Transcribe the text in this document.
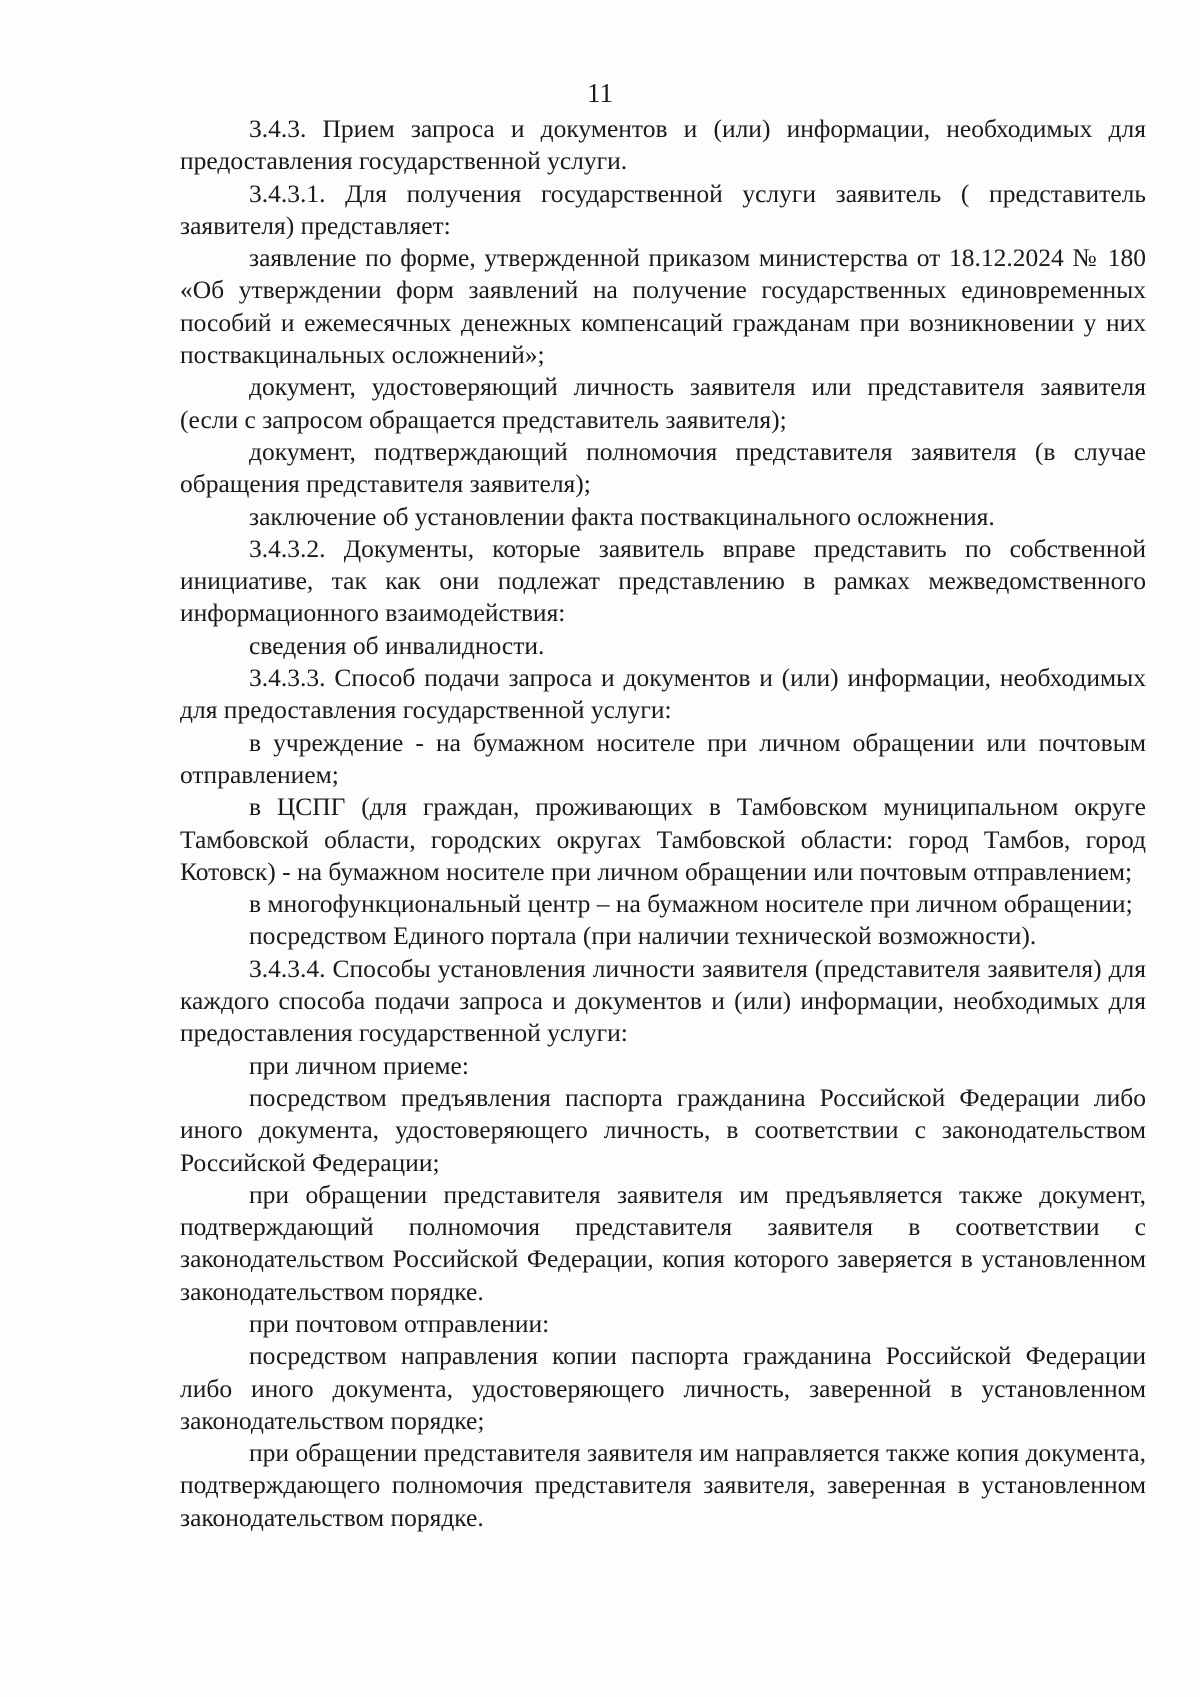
11

3.4.3. Прием запроса и документов и (или) информации, необходимых для предоставления государственной услуги.

3.4.3.1. Для получения государственной услуги заявитель ( представитель заявителя) представляет:

заявление по форме, утвержденной приказом министерства от 18.12.2024 № 180 «Об утверждении форм заявлений на получение государственных единовременных пособий и ежемесячных денежных компенсаций гражданам при возникновении у них поствакцинальных осложнений»;

документ, удостоверяющий личность заявителя или представителя заявителя (если с запросом обращается представитель заявителя);

документ, подтверждающий полномочия представителя заявителя (в случае обращения представителя заявителя);

заключение об установлении факта поствакцинального осложнения.

3.4.3.2. Документы, которые заявитель вправе представить по собственной инициативе, так как они подлежат представлению в рамках межведомственного информационного взаимодействия:

сведения об инвалидности.

3.4.3.3. Способ подачи запроса и документов и (или) информации, необходимых для предоставления государственной услуги:

в учреждение - на бумажном носителе при личном обращении или почтовым отправлением;

в ЦСПГ (для граждан, проживающих в Тамбовском муниципальном округе Тамбовской области, городских округах Тамбовской области: город Тамбов, город Котовск) - на бумажном носителе при личном обращении или почтовым отправлением;

в многофункциональный центр – на бумажном носителе при личном обращении;

посредством Единого портала (при наличии технической возможности).

3.4.3.4. Способы установления личности заявителя (представителя заявителя) для каждого способа подачи запроса и документов и (или) информации, необходимых для предоставления государственной услуги:

при личном приеме:

посредством предъявления паспорта гражданина Российской Федерации либо иного документа, удостоверяющего личность, в соответствии с законодательством Российской Федерации;

при обращении представителя заявителя им предъявляется также документ, подтверждающий полномочия представителя заявителя в соответствии с законодательством Российской Федерации, копия которого заверяется в установленном законодательством порядке.

при почтовом отправлении:

посредством направления копии паспорта гражданина Российской Федерации либо иного документа, удостоверяющего личность, заверенной в установленном законодательством порядке;

при обращении представителя заявителя им направляется также копия документа, подтверждающего полномочия представителя заявителя, заверенная в установленном законодательством порядке.
